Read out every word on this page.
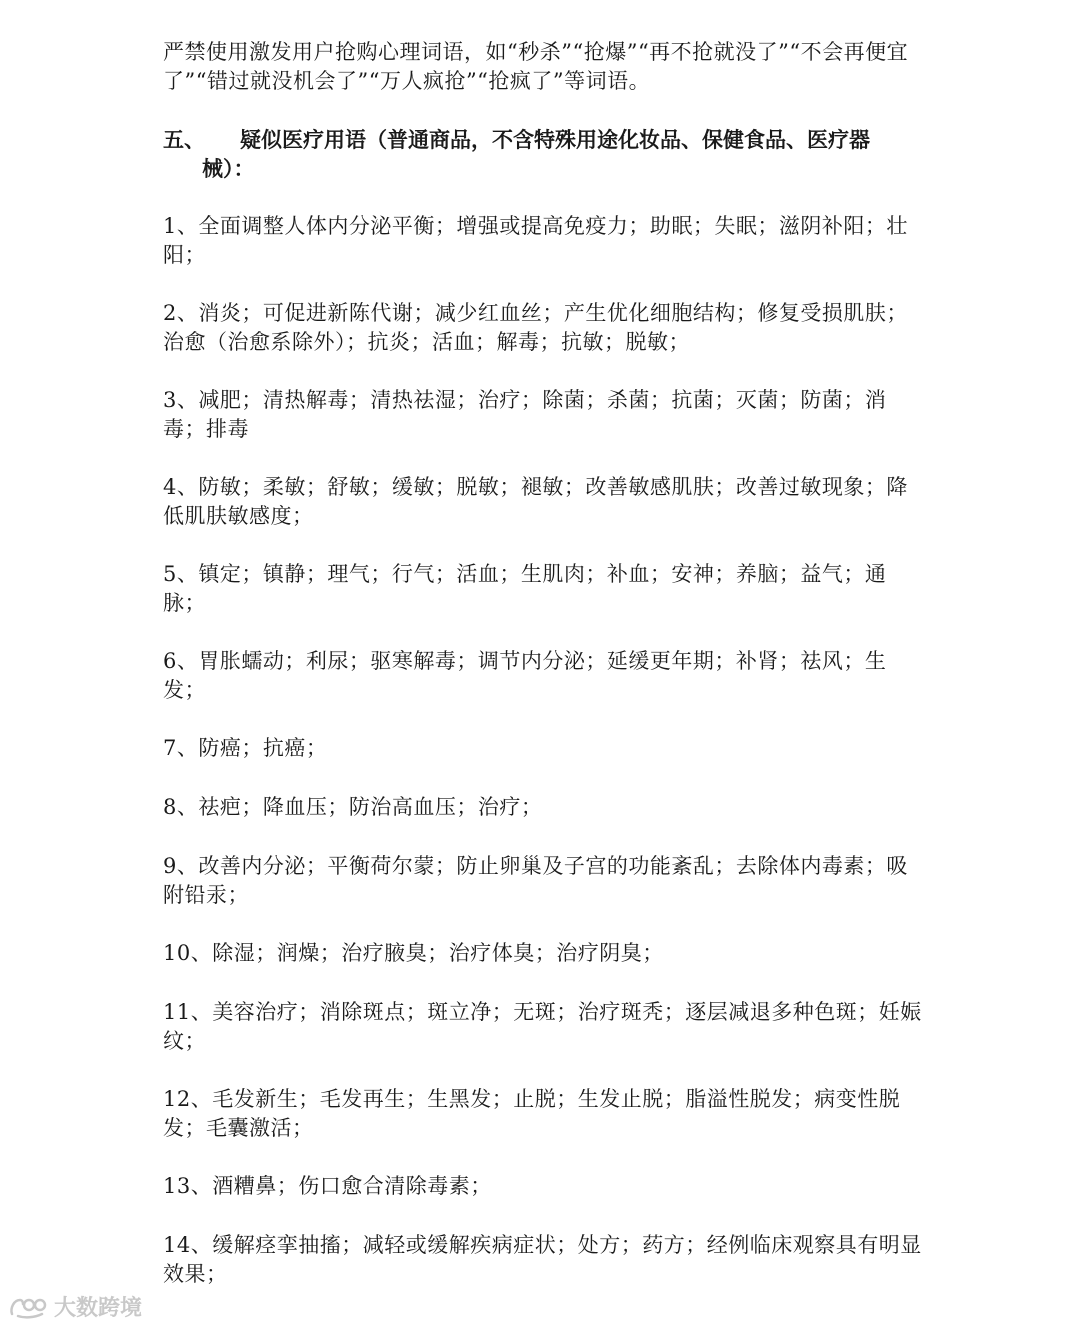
严禁使用激发用户抢购心理词语，如“秒杀”“抢爆”“再不抢就没了”“不会再便宜了”“错过就没机会了”“万人疯抢”“抢疯了”等词语。

五、 疑似医疗用语（普通商品，不含特殊用途化妆品、保健食品、医疗器
械）：

1、全面调整人体内分泌平衡；增强或提高免疫力；助眠；失眠；滋阴补阳；壮阳；

2、消炎；可促进新陈代谢；减少红血丝；产生优化细胞结构；修复受损肌肤；治愈（治愈系除外）；抗炎；活血；解毒；抗敏；脱敏；

3、减肥；清热解毒；清热祛湿；治疗；除菌；杀菌；抗菌；灭菌；防菌；消毒；排毒

4、防敏；柔敏；舒敏；缓敏；脱敏；褪敏；改善敏感肌肤；改善过敏现象；降低肌肤敏感度；

5、镇定；镇静；理气；行气；活血；生肌肉；补血；安神；养脑；益气；通脉；

6、胃胀蠕动；利尿；驱寒解毒；调节内分泌；延缓更年期；补肾；祛风；生发；

7、防癌；抗癌；

8、祛疤；降血压；防治高血压；治疗；

9、改善内分泌；平衡荷尔蒙；防止卵巢及子宫的功能紊乱；去除体内毒素；吸附铅汞；

10、除湿；润燥；治疗腋臭；治疗体臭；治疗阴臭；

11、美容治疗；消除斑点；斑立净；无斑；治疗斑秃；逐层减退多种色斑；妊娠纹；

12、毛发新生；毛发再生；生黑发；止脱；生发止脱；脂溢性脱发；病变性脱发；毛囊激活；

13、酒糟鼻；伤口愈合清除毒素；

14、缓解痉挛抽搐；减轻或缓解疾病症状；处方；药方；经例临床观察具有明显效果；

大数跨境
